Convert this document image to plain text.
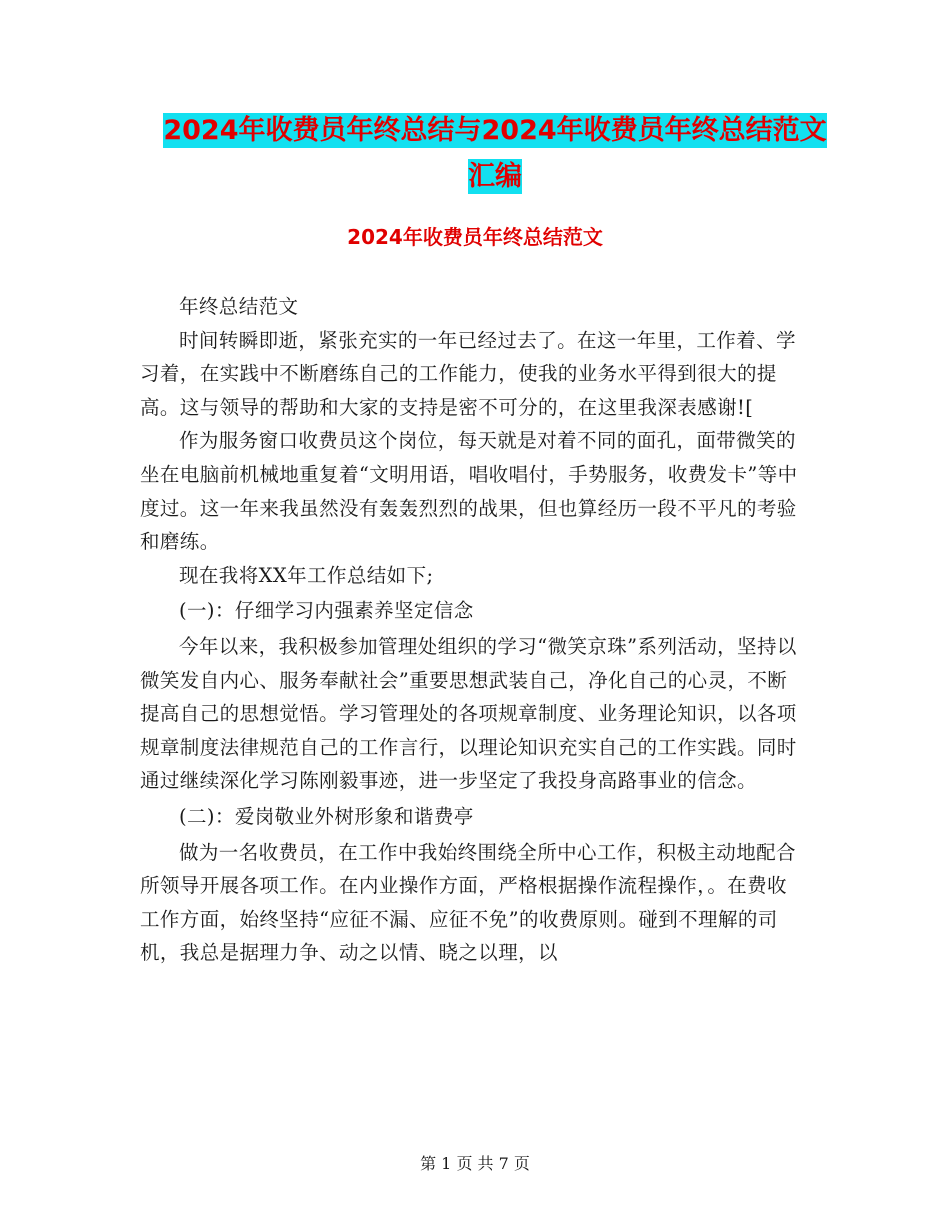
2024年收费员年终总结与2024年收费员年终总结范文
汇编
2024年收费员年终总结范文

年终总结范文

时间转瞬即逝，紧张充实的一年已经过去了。在这一年里，工作着、学习着，在实践中不断磨练自己的工作能力，使我的业务水平得到很大的提高。这与领导的帮助和大家的支持是密不可分的，在这里我深表感谢![

作为服务窗口收费员这个岗位，每天就是对着不同的面孔，面带微笑的坐在电脑前机械地重复着“文明用语，唱收唱付，手势服务，收费发卡”等中度过。这一年来我虽然没有轰轰烈烈的战果，但也算经历一段不平凡的考验和磨练。

现在我将XX年工作总结如下;

(一)：仔细学习内强素养坚定信念

今年以来，我积极参加管理处组织的学习“微笑京珠”系列活动，坚持以微笑发自内心、服务奉献社会”重要思想武装自己，净化自己的心灵，不断提高自己的思想觉悟。学习管理处的各项规章制度、业务理论知识，以各项规章制度法律规范自己的工作言行，以理论知识充实自己的工作实践。同时通过继续深化学习陈刚毅事迹，进一步坚定了我投身高路事业的信念。

(二)：爱岗敬业外树形象和谐费亭

做为一名收费员，在工作中我始终围绕全所中心工作，积极主动地配合所领导开展各项工作。在内业操作方面，严格根据操作流程操作，。在费收工作方面，始终坚持“应征不漏、应征不免”的收费原则。碰到不理解的司机，我总是据理力争、动之以情、晓之以理，以

第 1 页 共 7 页
